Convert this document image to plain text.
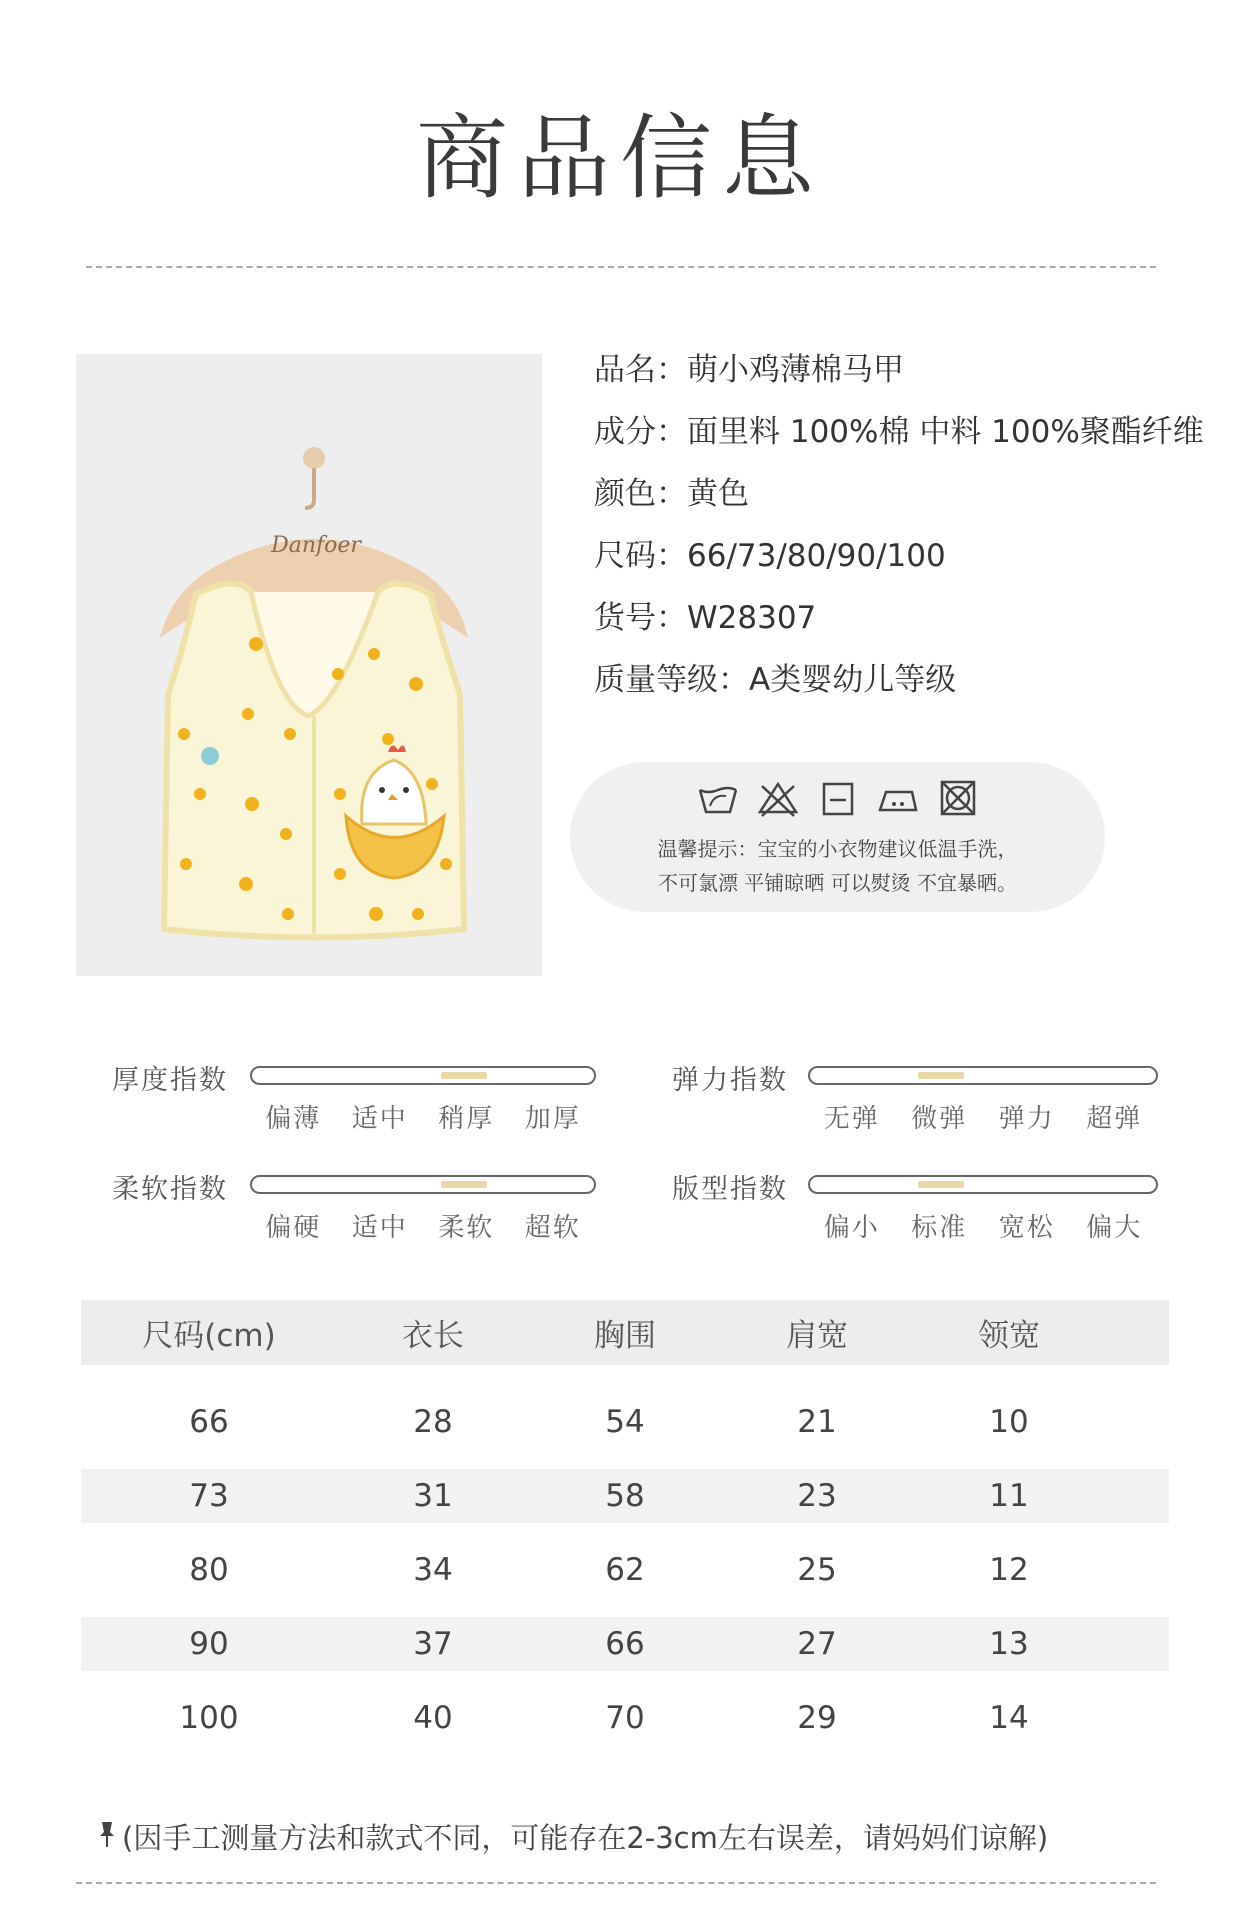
商品信息
Danfoer
品名：萌小鸡薄棉马甲
成分：面里料 100%棉 中料 100%聚酯纤维
颜色：黄色
尺码：66/73/80/90/100
货号：W28307
质量等级：A类婴幼儿等级
温馨提示：宝宝的小衣物建议低温手洗，
不可氯漂 平铺晾晒 可以熨烫 不宜暴晒。
厚度指数
偏薄 适中 稍厚 加厚
弹力指数
无弹 微弹 弹力 超弹
柔软指数
偏硬 适中 柔软 超软
版型指数
偏小 标准 宽松 偏大
尺码(cm)	衣长	胸围	肩宽	领宽
66	28	54	21	10
73	31	58	23	11
80	34	62	25	12
90	37	66	27	13
100	40	70	29	14
(因手工测量方法和款式不同，可能存在2-3cm左右误差，请妈妈们谅解)
